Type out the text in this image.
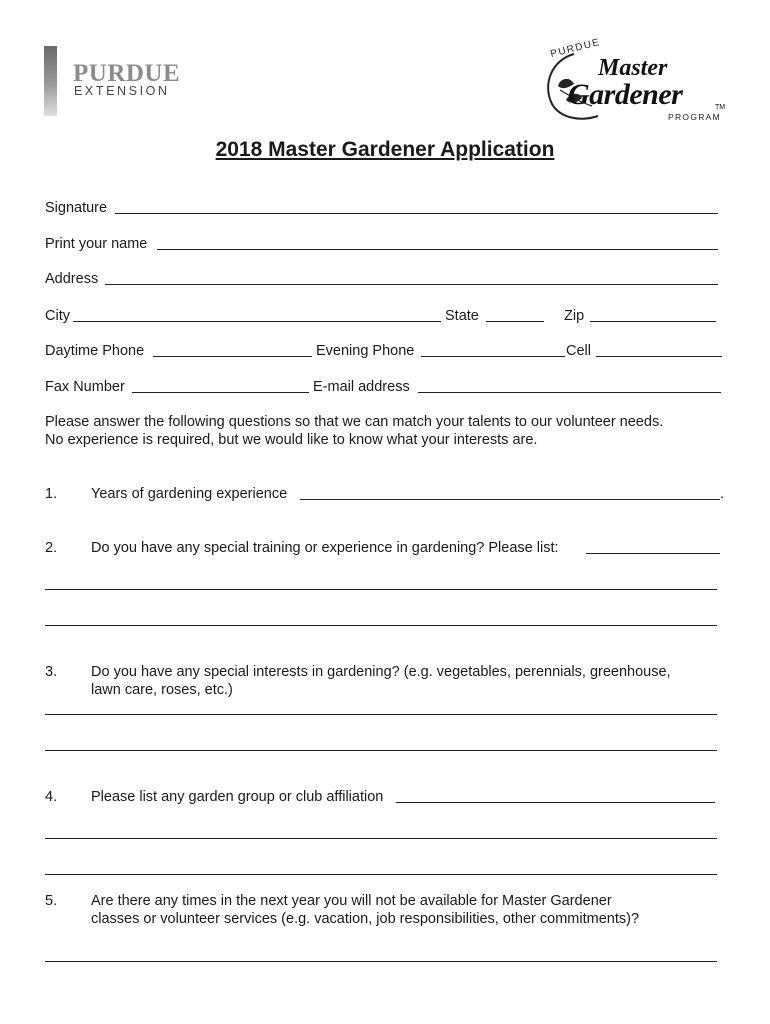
PURDUE
EXTENSION
PURDUE
Master
Gardener	TM
PROGRAM
2018 Master Gardener Application
Signature
Print your name
Address
City	State	Zip
Daytime Phone	Evening Phone	Cell
Fax Number	E-mail address
Please answer the following questions so that we can match your talents to our volunteer needs.
No experience is required, but we would like to know what your interests are.
1. Years of gardening experience	.
2. Do you have any special training or experience in gardening? Please list:
3. Do you have any special interests in gardening? (e.g. vegetables, perennials, greenhouse,
lawn care, roses, etc.)
4. Please list any garden group or club affiliation
5. Are there any times in the next year you will not be available for Master Gardener
classes or volunteer services (e.g. vacation, job responsibilities, other commitments)?
